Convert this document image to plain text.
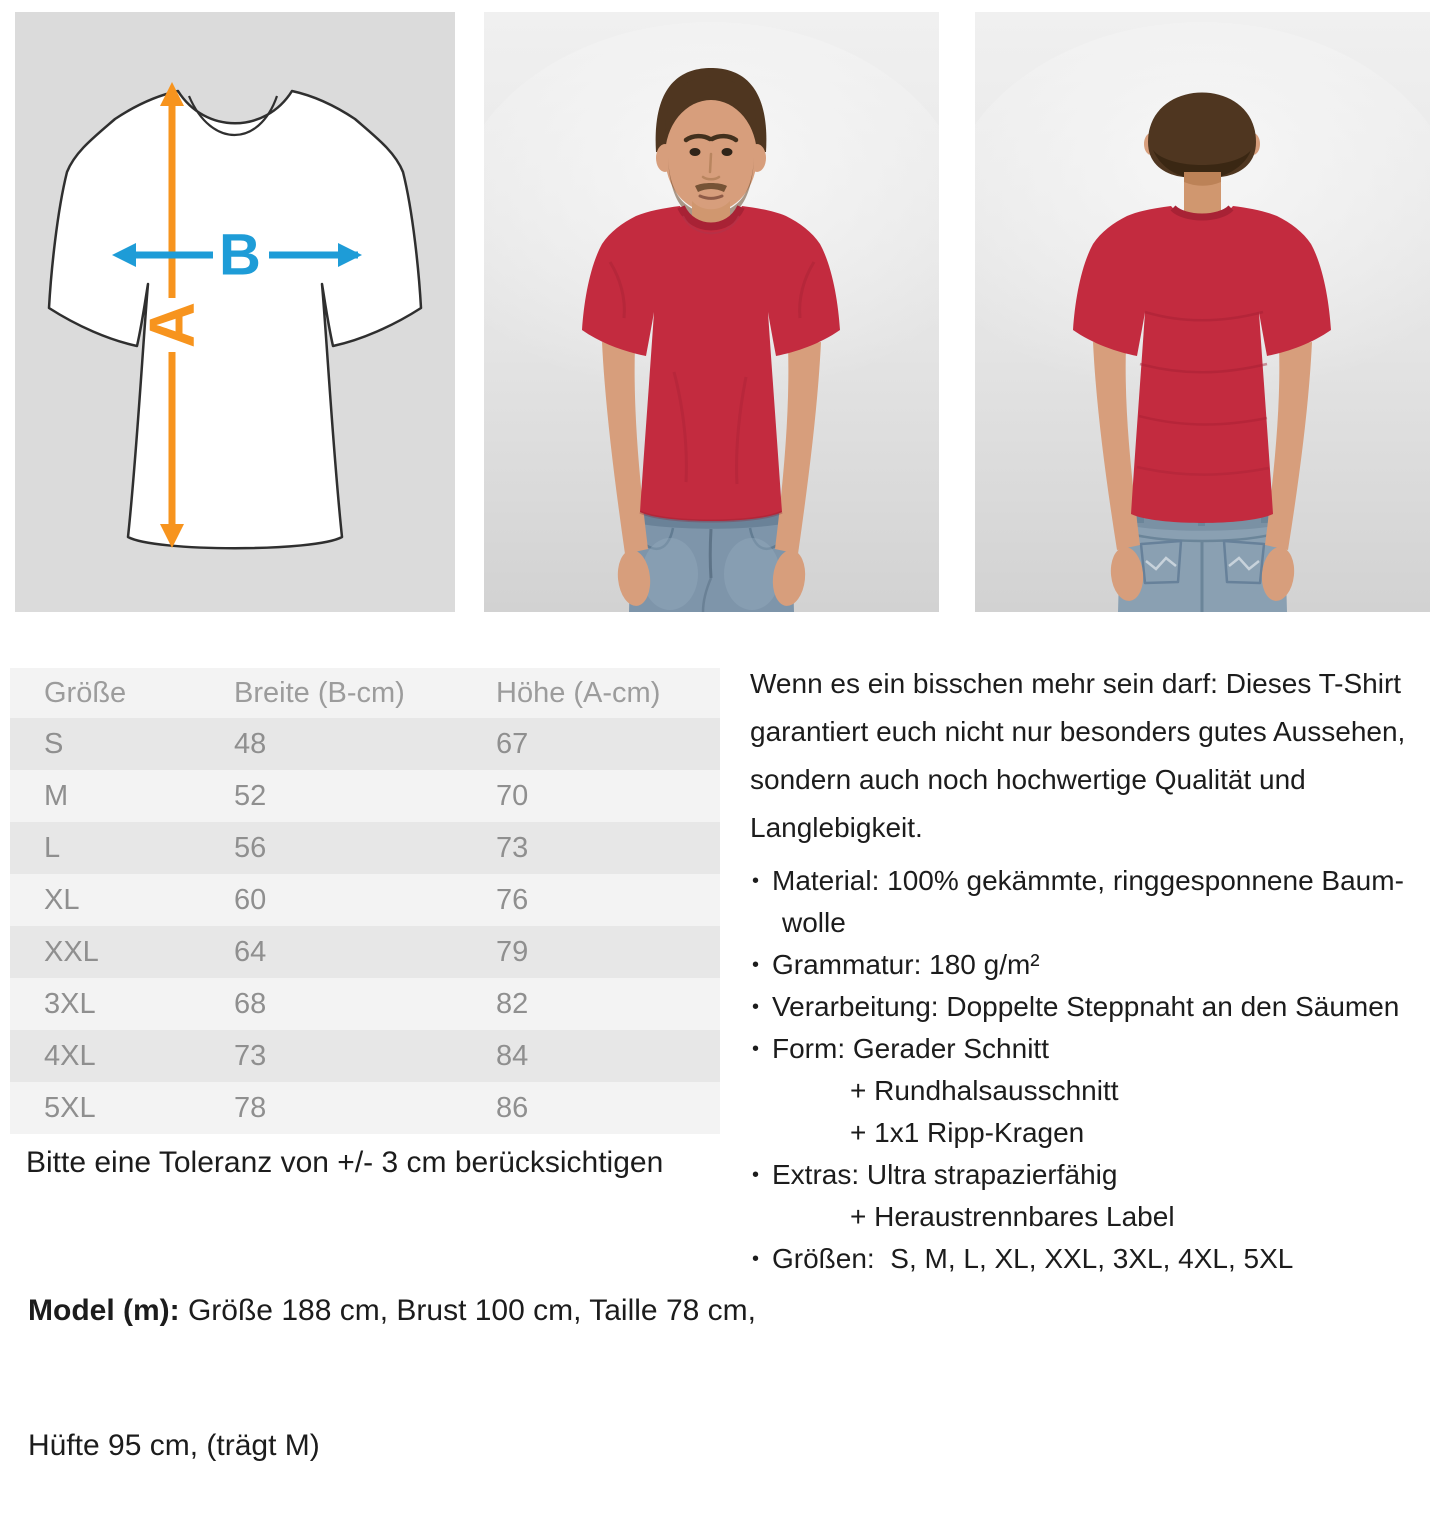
A
B
Größe	Breite (B-cm)	Höhe (A-cm)
S	48	67
M	52	70
L	56	73
XL	60	76
XXL	64	79
3XL	68	82
4XL	73	84
5XL	78	86
Bitte eine Toleranz von +/- 3 cm berücksichtigen

Model (m): Größe 188 cm, Brust 100 cm, Taille 78 cm,

Hüfte 95 cm, (trägt M)

Wenn es ein bisschen mehr sein darf: Dieses T-Shirt
garantiert euch nicht nur besonders gutes Aussehen,
sondern auch noch hochwertige Qualität und
Langlebigkeit.
• Material: 100% gekämmte, ringgesponnene Baum-
wolle
• Grammatur: 180 g/m²
• Verarbeitung: Doppelte Steppnaht an den Säumen
• Form: Gerader Schnitt
+ Rundhalsausschnitt
+ 1x1 Ripp-Kragen
• Extras: Ultra strapazierfähig
+ Heraustrennbares Label
• Größen:  S, M, L, XL, XXL, 3XL, 4XL, 5XL
